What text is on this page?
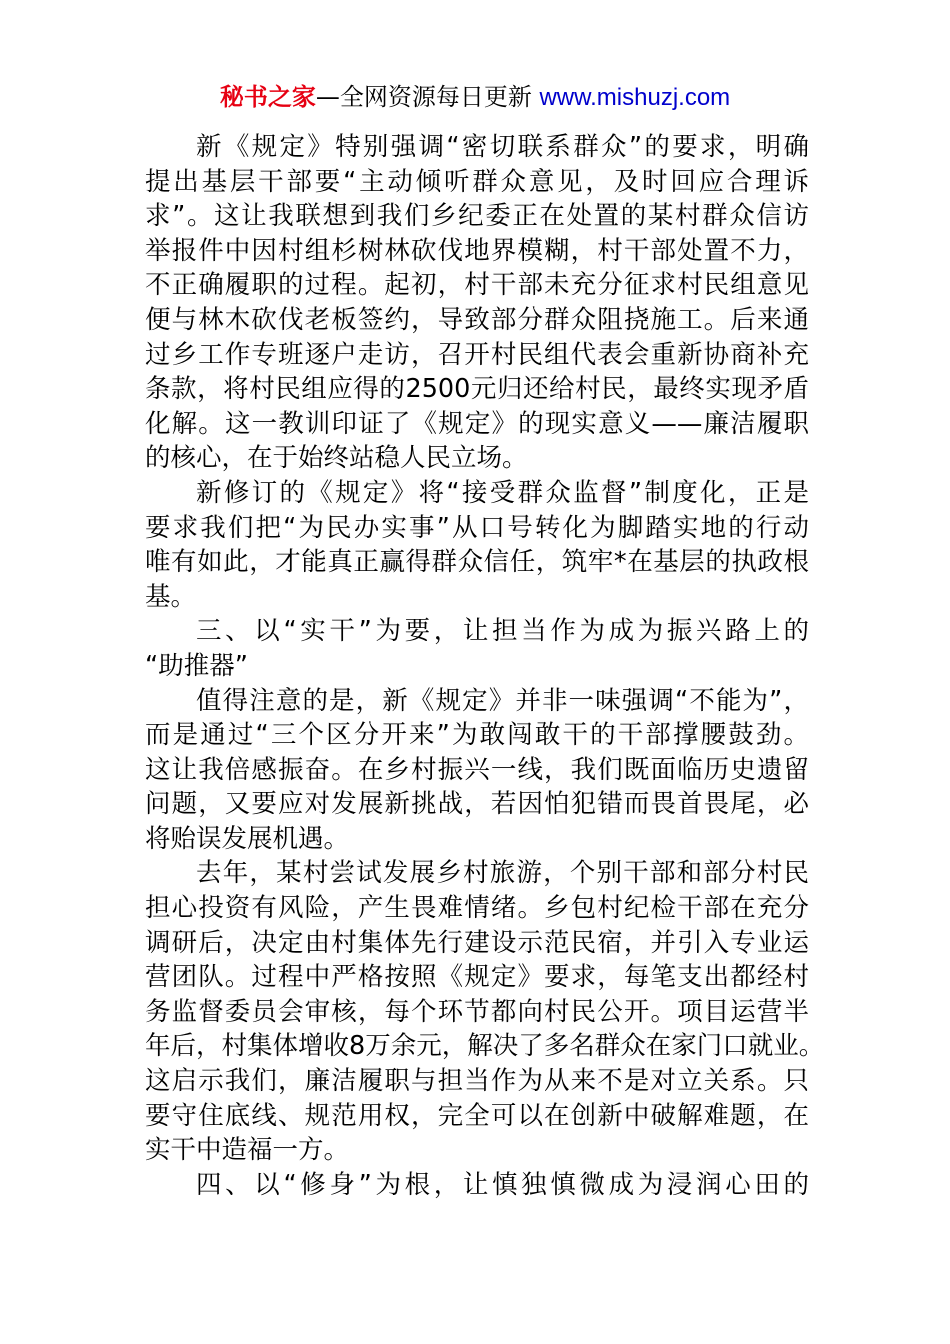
秘书之家—全网资源每日更新 www.mishuzj.com
新《规定》特别强调“密切联系群众”的要求，明确
提出基层干部要“主动倾听群众意见，及时回应合理诉
求”。这让我联想到我们乡纪委正在处置的某村群众信访
举报件中因村组杉树林砍伐地界模糊，村干部处置不力，
不正确履职的过程。起初，村干部未充分征求村民组意见
便与林木砍伐老板签约，导致部分群众阻挠施工。后来通
过乡工作专班逐户走访，召开村民组代表会重新协商补充
条款，将村民组应得的2500元归还给村民，最终实现矛盾
化解。这一教训印证了《规定》的现实意义——廉洁履职
的核心，在于始终站稳人民立场。
新修订的《规定》将“接受群众监督”制度化，正是
要求我们把“为民办实事”从口号转化为脚踏实地的行动
唯有如此，才能真正赢得群众信任，筑牢*在基层的执政根
基。
三、以“实干”为要，让担当作为成为振兴路上的
“助推器”
值得注意的是，新《规定》并非一味强调“不能为”，
而是通过“三个区分开来”为敢闯敢干的干部撑腰鼓劲。
这让我倍感振奋。在乡村振兴一线，我们既面临历史遗留
问题，又要应对发展新挑战，若因怕犯错而畏首畏尾，必
将贻误发展机遇。
去年，某村尝试发展乡村旅游，个别干部和部分村民
担心投资有风险，产生畏难情绪。乡包村纪检干部在充分
调研后，决定由村集体先行建设示范民宿，并引入专业运
营团队。过程中严格按照《规定》要求，每笔支出都经村
务监督委员会审核，每个环节都向村民公开。项目运营半
年后，村集体增收8万余元，解决了多名群众在家门口就业。
这启示我们，廉洁履职与担当作为从来不是对立关系。只
要守住底线、规范用权，完全可以在创新中破解难题，在
实干中造福一方。
四、以“修身”为根，让慎独慎微成为浸润心田的
